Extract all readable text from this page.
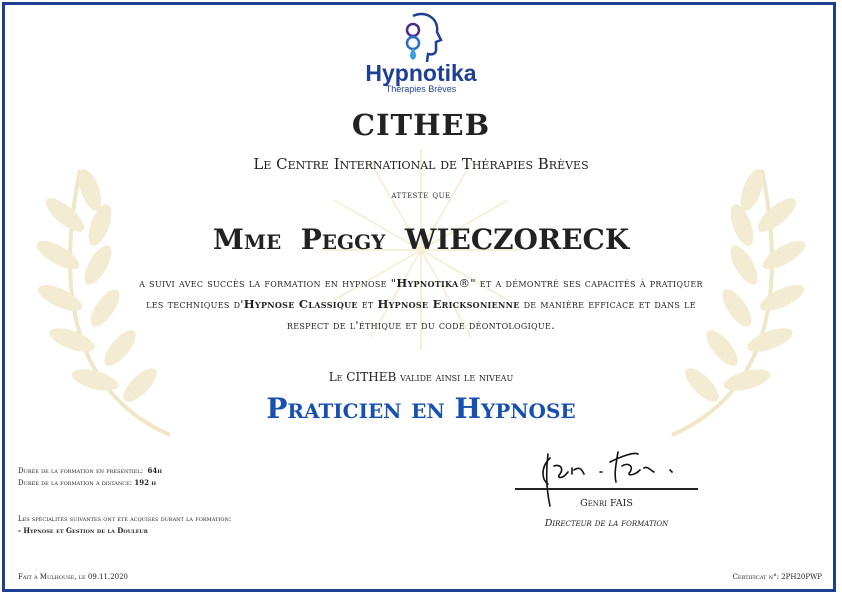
Hypnotika
Thérapies Brèves
CITHEB
Le Centre International de Thérapies Brèves
atteste que
Mme  Peggy  WIECZORECK
a suivi avec succès la formation en hypnose "Hypnotika®" et a démontré ses capacités à pratiquer les techniques d'Hypnose Classique et Hypnose Ericksonienne de manière efficace et dans le respect de l'éthique et du code déontologique.
Le CITHEB valide ainsi le niveau
Praticien en Hypnose
Durée de la formation en présentiel: 64h
Durée de la formation à distance: 192 h
Les spécialités suivantes ont été acquises durant la formation:
- Hypnose et Gestion de la Douleur
Fait à Mulhouse, le 09.11.2020	Certificat n°: 2PH20PWP
Genri FAIS
Directeur de la formation
